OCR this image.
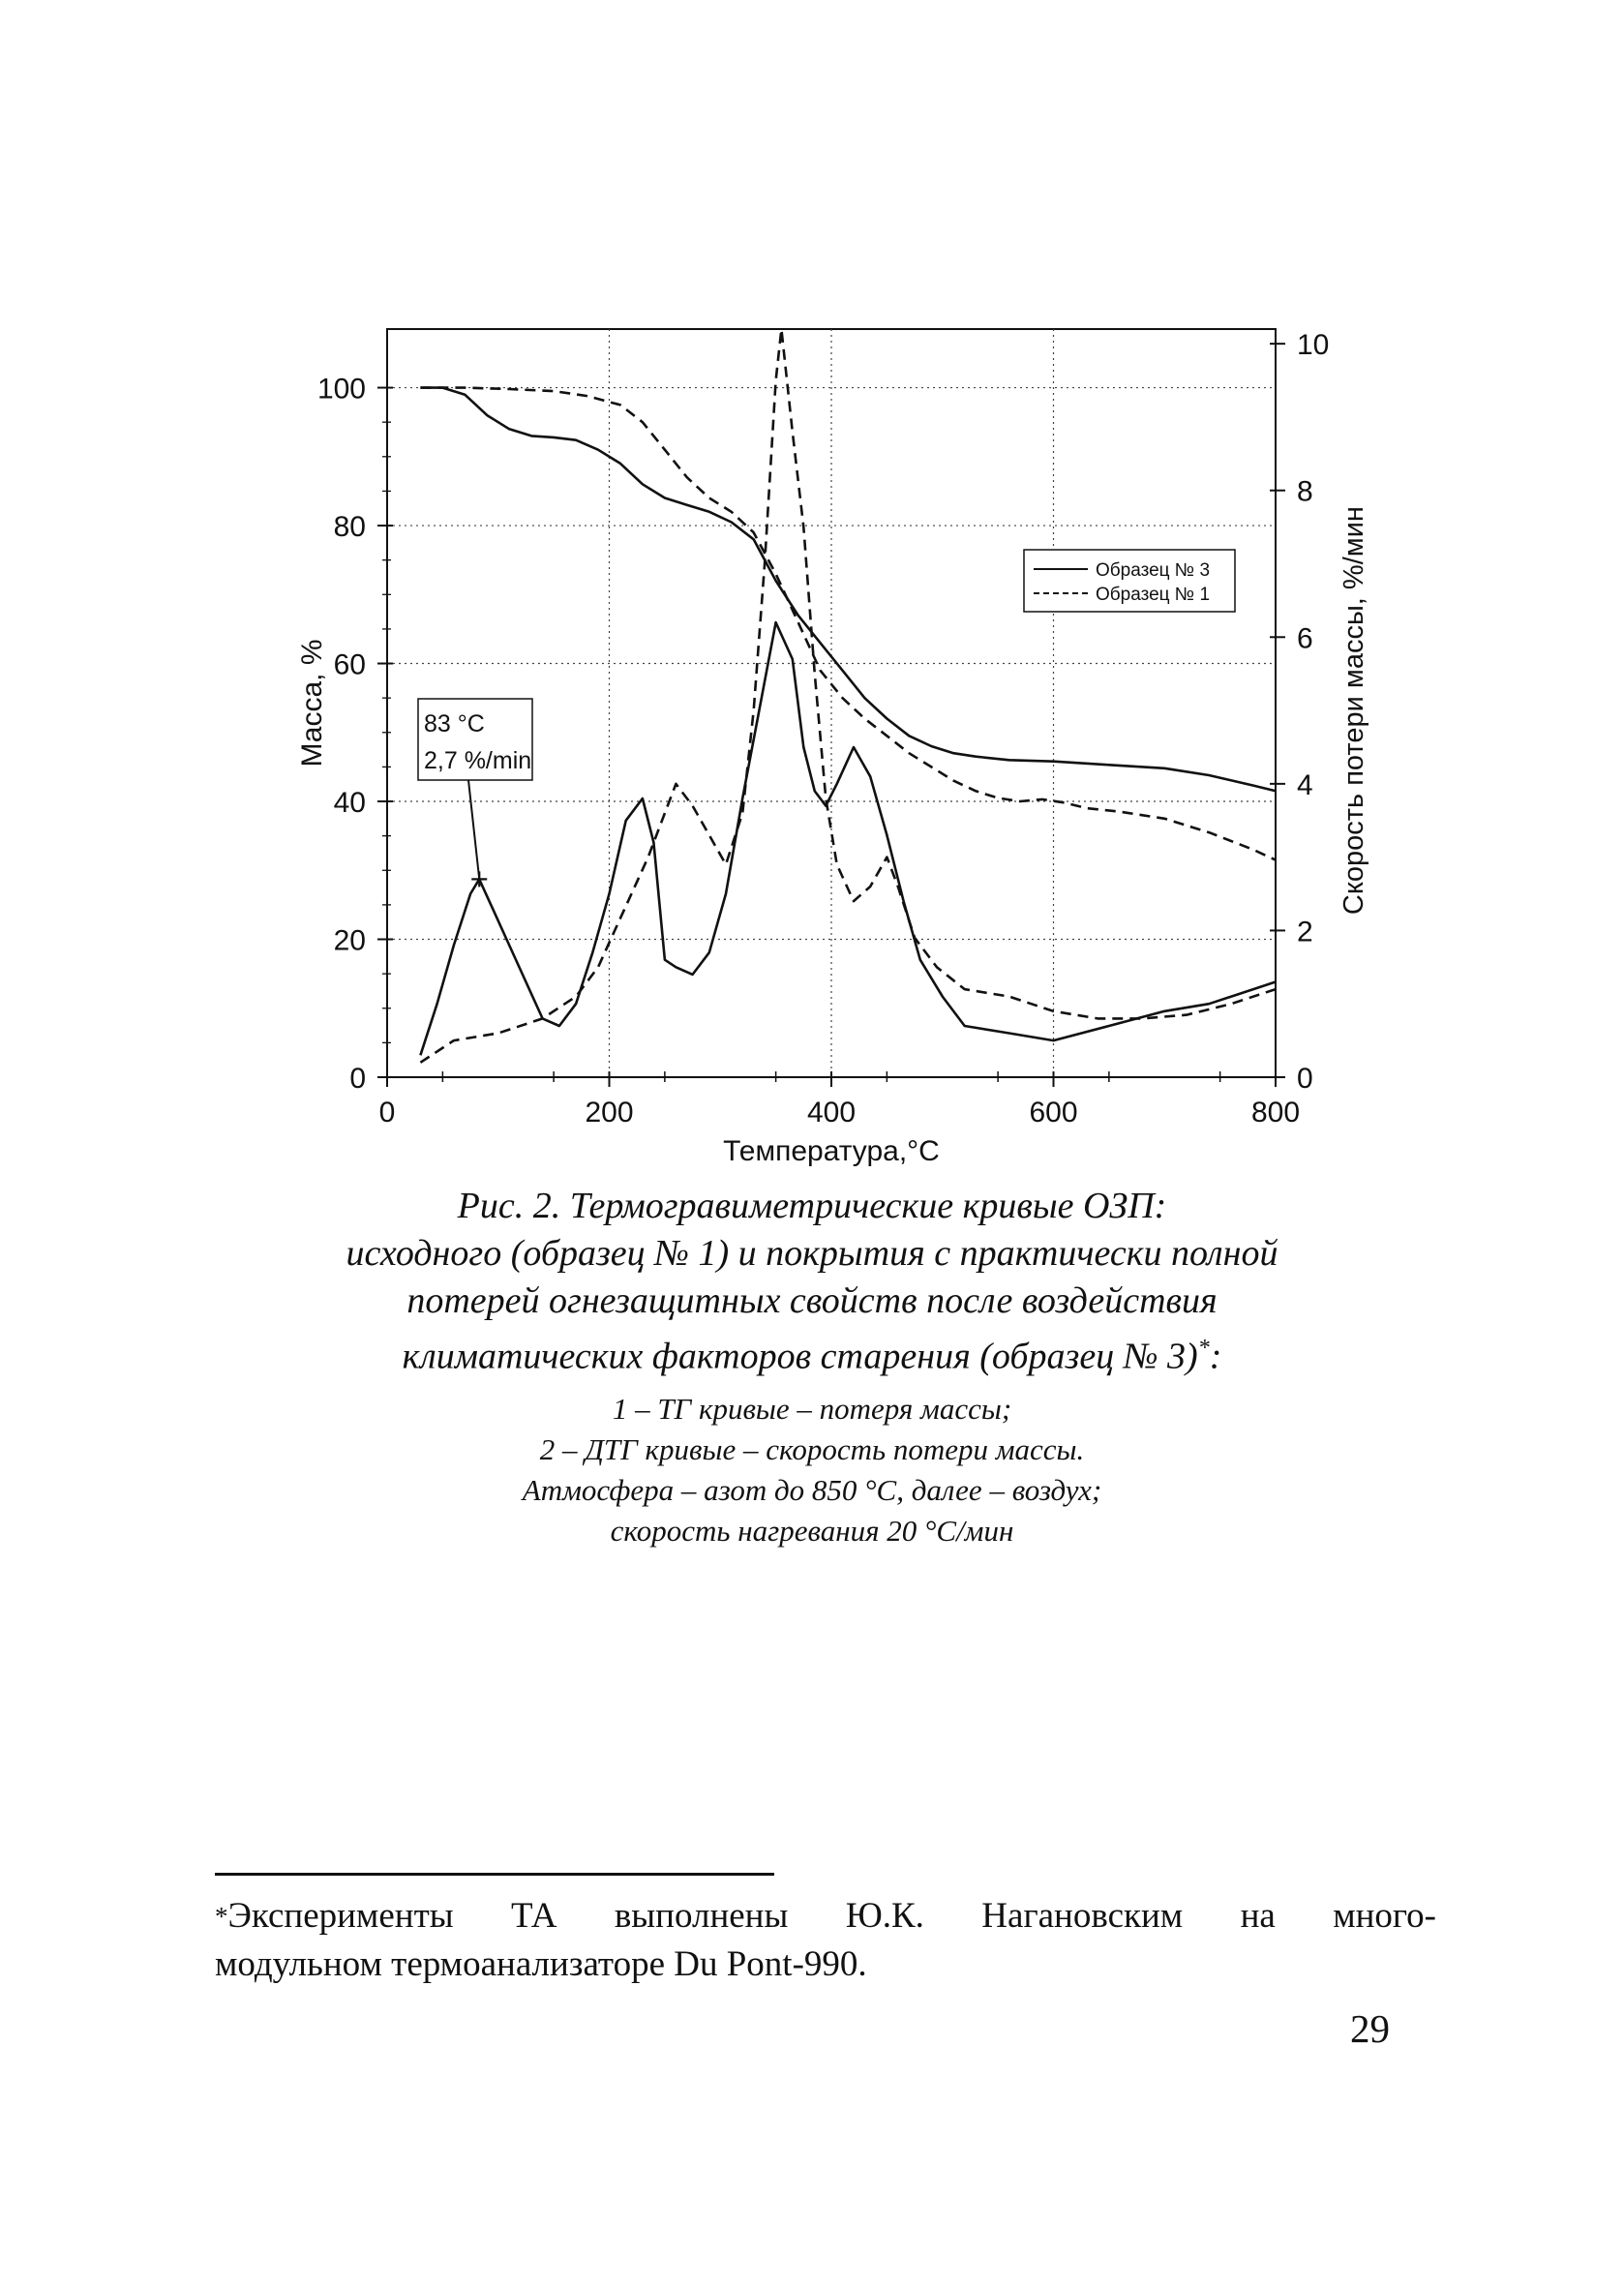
0	200	400	600	800
0
20
40
60
80
100
0
2
4
6
8
10
Температура,°C
Масса, %	Скорость потери массы, %/мин
Образец № 3
Образец № 1
83 °C
2,7 %/min
Рис. 2. Термогравиметрические кривые ОЗП:
исходного (образец № 1) и покрытия с практически полной
потерей огнезащитных свойств после воздействия
климатических факторов старения (образец № 3)*:
1 – ТГ кривые – потеря массы;
2 – ДТГ кривые – скорость потери массы.
Атмосфера – азот до 850 °C, далее – воздух;
скорость нагревания 20 °C/мин
*Эксперименты ТА выполнены Ю.К. Нагановским на много-
модульном термоанализаторе Du Pont-990.
29
